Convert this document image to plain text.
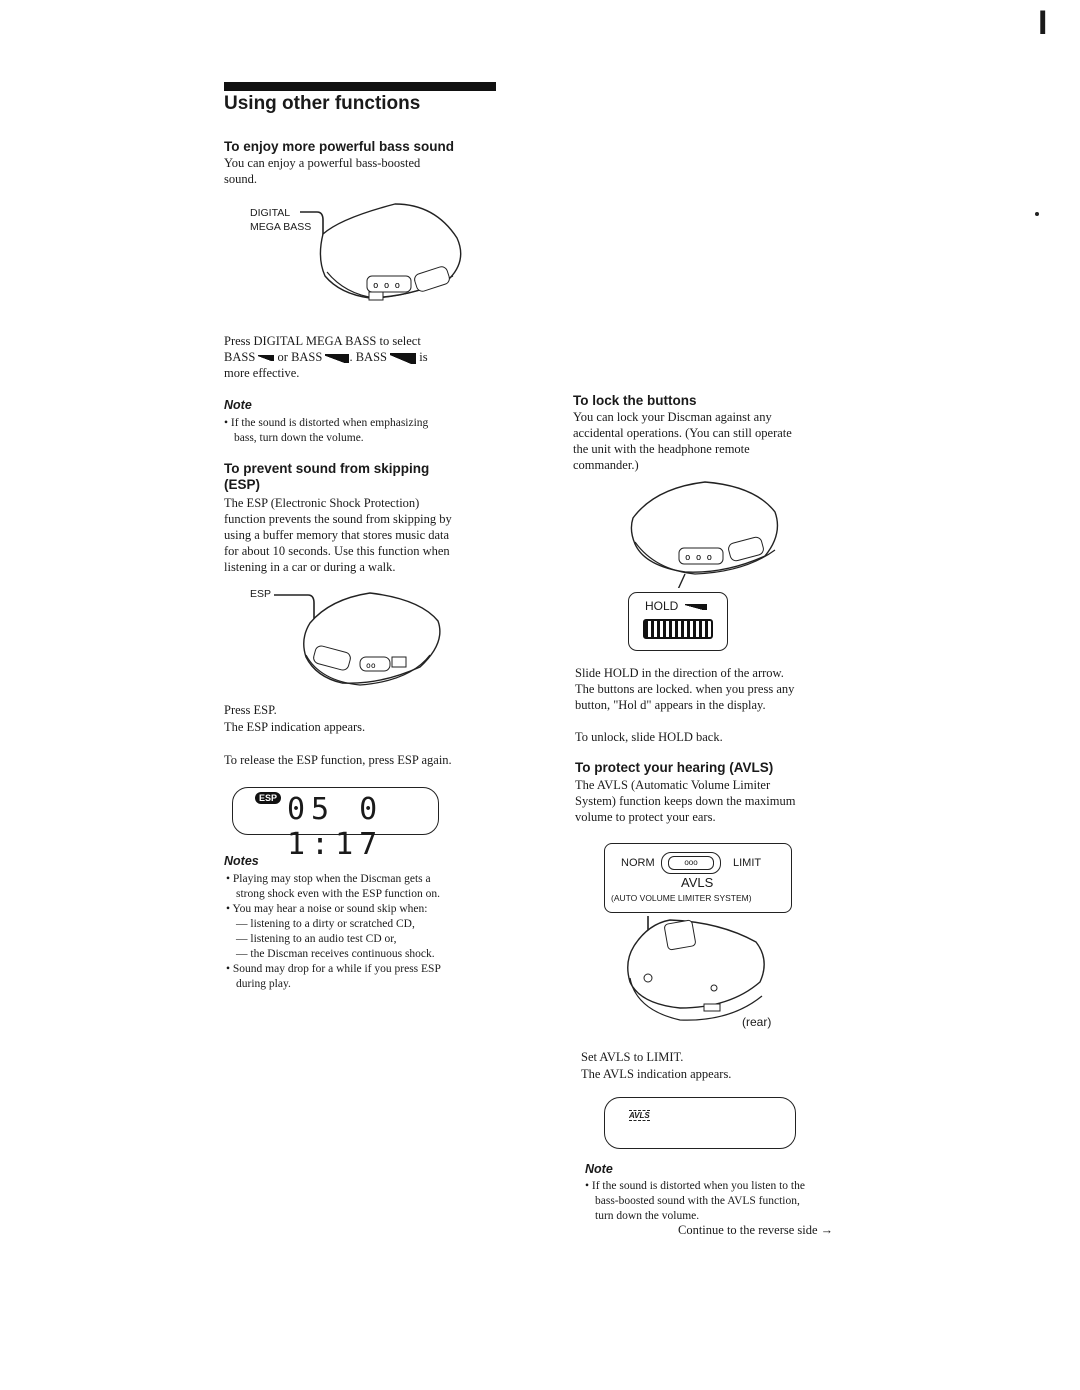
I
Using other functions
To enjoy more powerful bass sound
You can enjoy a powerful bass-boosted
sound.
DIGITAL
MEGA BASS
o o o
Press DIGITAL MEGA BASS to select
BASS or BASS . BASS	is
more effective.
Note
• If the sound is distorted when emphasizing
bass, turn down the volume.
To prevent sound from skipping
(ESP)
The ESP (Electronic Shock Protection)
function prevents the sound from skipping by
using a buffer memory that stores music data
for about 10 seconds. Use this function when
listening in a car or during a walk.
ESP
oo
Press ESP.
The ESP indication appears.
To release the ESP function, press ESP again.
ESP 05 0 1:17
Notes
• Playing may stop when the Discman gets a
strong shock even with the ESP function on.
• You may hear a noise or sound skip when:
— listening to a dirty or scratched CD,
— listening to an audio test CD or,
— the Discman receives continuous shock.
• Sound may drop for a while if you press ESP
during play.
To lock the buttons
You can lock your Discman against any
accidental operations. (You can still operate
the unit with the headphone remote
commander.)
o o o
HOLD
Slide HOLD in the direction of the arrow.
The buttons are locked. when you press any
button, "Hol d" appears in the display.
To unlock, slide HOLD back.
To protect your hearing (AVLS)
The AVLS (Automatic Volume Limiter
System) function keeps down the maximum
volume to protect your ears.
NORM	ooo	LIMIT
AVLS
(AUTO VOLUME LIMITER SYSTEM)
(rear)
Set AVLS to LIMIT.
The AVLS indication appears.
AVLS
Note
• If the sound is distorted when you listen to the
bass-boosted sound with the AVLS function,
turn down the volume.
Continue to the reverse side →
